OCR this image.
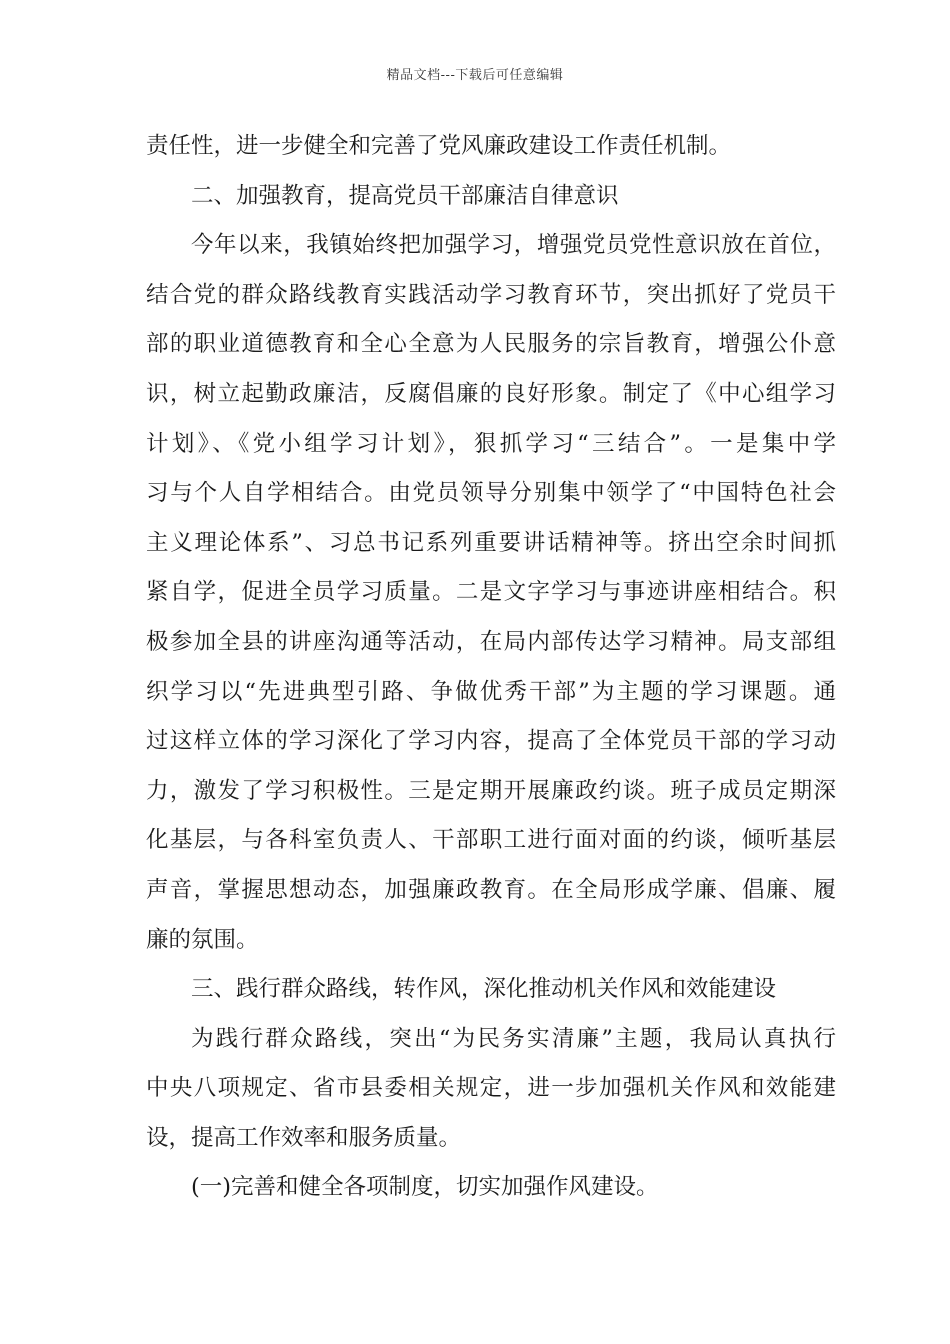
精品文档---下载后可任意编辑
责任性，进一步健全和完善了党风廉政建设工作责任机制。
二、加强教育，提高党员干部廉洁自律意识
今年以来，我镇始终把加强学习，增强党员党性意识放在首位，
结合党的群众路线教育实践活动学习教育环节，突出抓好了党员干
部的职业道德教育和全心全意为人民服务的宗旨教育，增强公仆意
识，树立起勤政廉洁，反腐倡廉的良好形象。制定了《中心组学习
计划》、《党小组学习计划》，狠抓学习“三结合”。一是集中学
习与个人自学相结合。由党员领导分别集中领学了“中国特色社会
主义理论体系”、习总书记系列重要讲话精神等。挤出空余时间抓
紧自学，促进全员学习质量。二是文字学习与事迹讲座相结合。积
极参加全县的讲座沟通等活动，在局内部传达学习精神。局支部组
织学习以“先进典型引路、争做优秀干部”为主题的学习课题。通
过这样立体的学习深化了学习内容，提高了全体党员干部的学习动
力，激发了学习积极性。三是定期开展廉政约谈。班子成员定期深
化基层，与各科室负责人、干部职工进行面对面的约谈，倾听基层
声音，掌握思想动态，加强廉政教育。在全局形成学廉、倡廉、履
廉的氛围。
三、践行群众路线，转作风，深化推动机关作风和效能建设
为践行群众路线，突出“为民务实清廉”主题，我局认真执行
中央八项规定、省市县委相关规定，进一步加强机关作风和效能建
设，提高工作效率和服务质量。
(一)完善和健全各项制度，切实加强作风建设。
